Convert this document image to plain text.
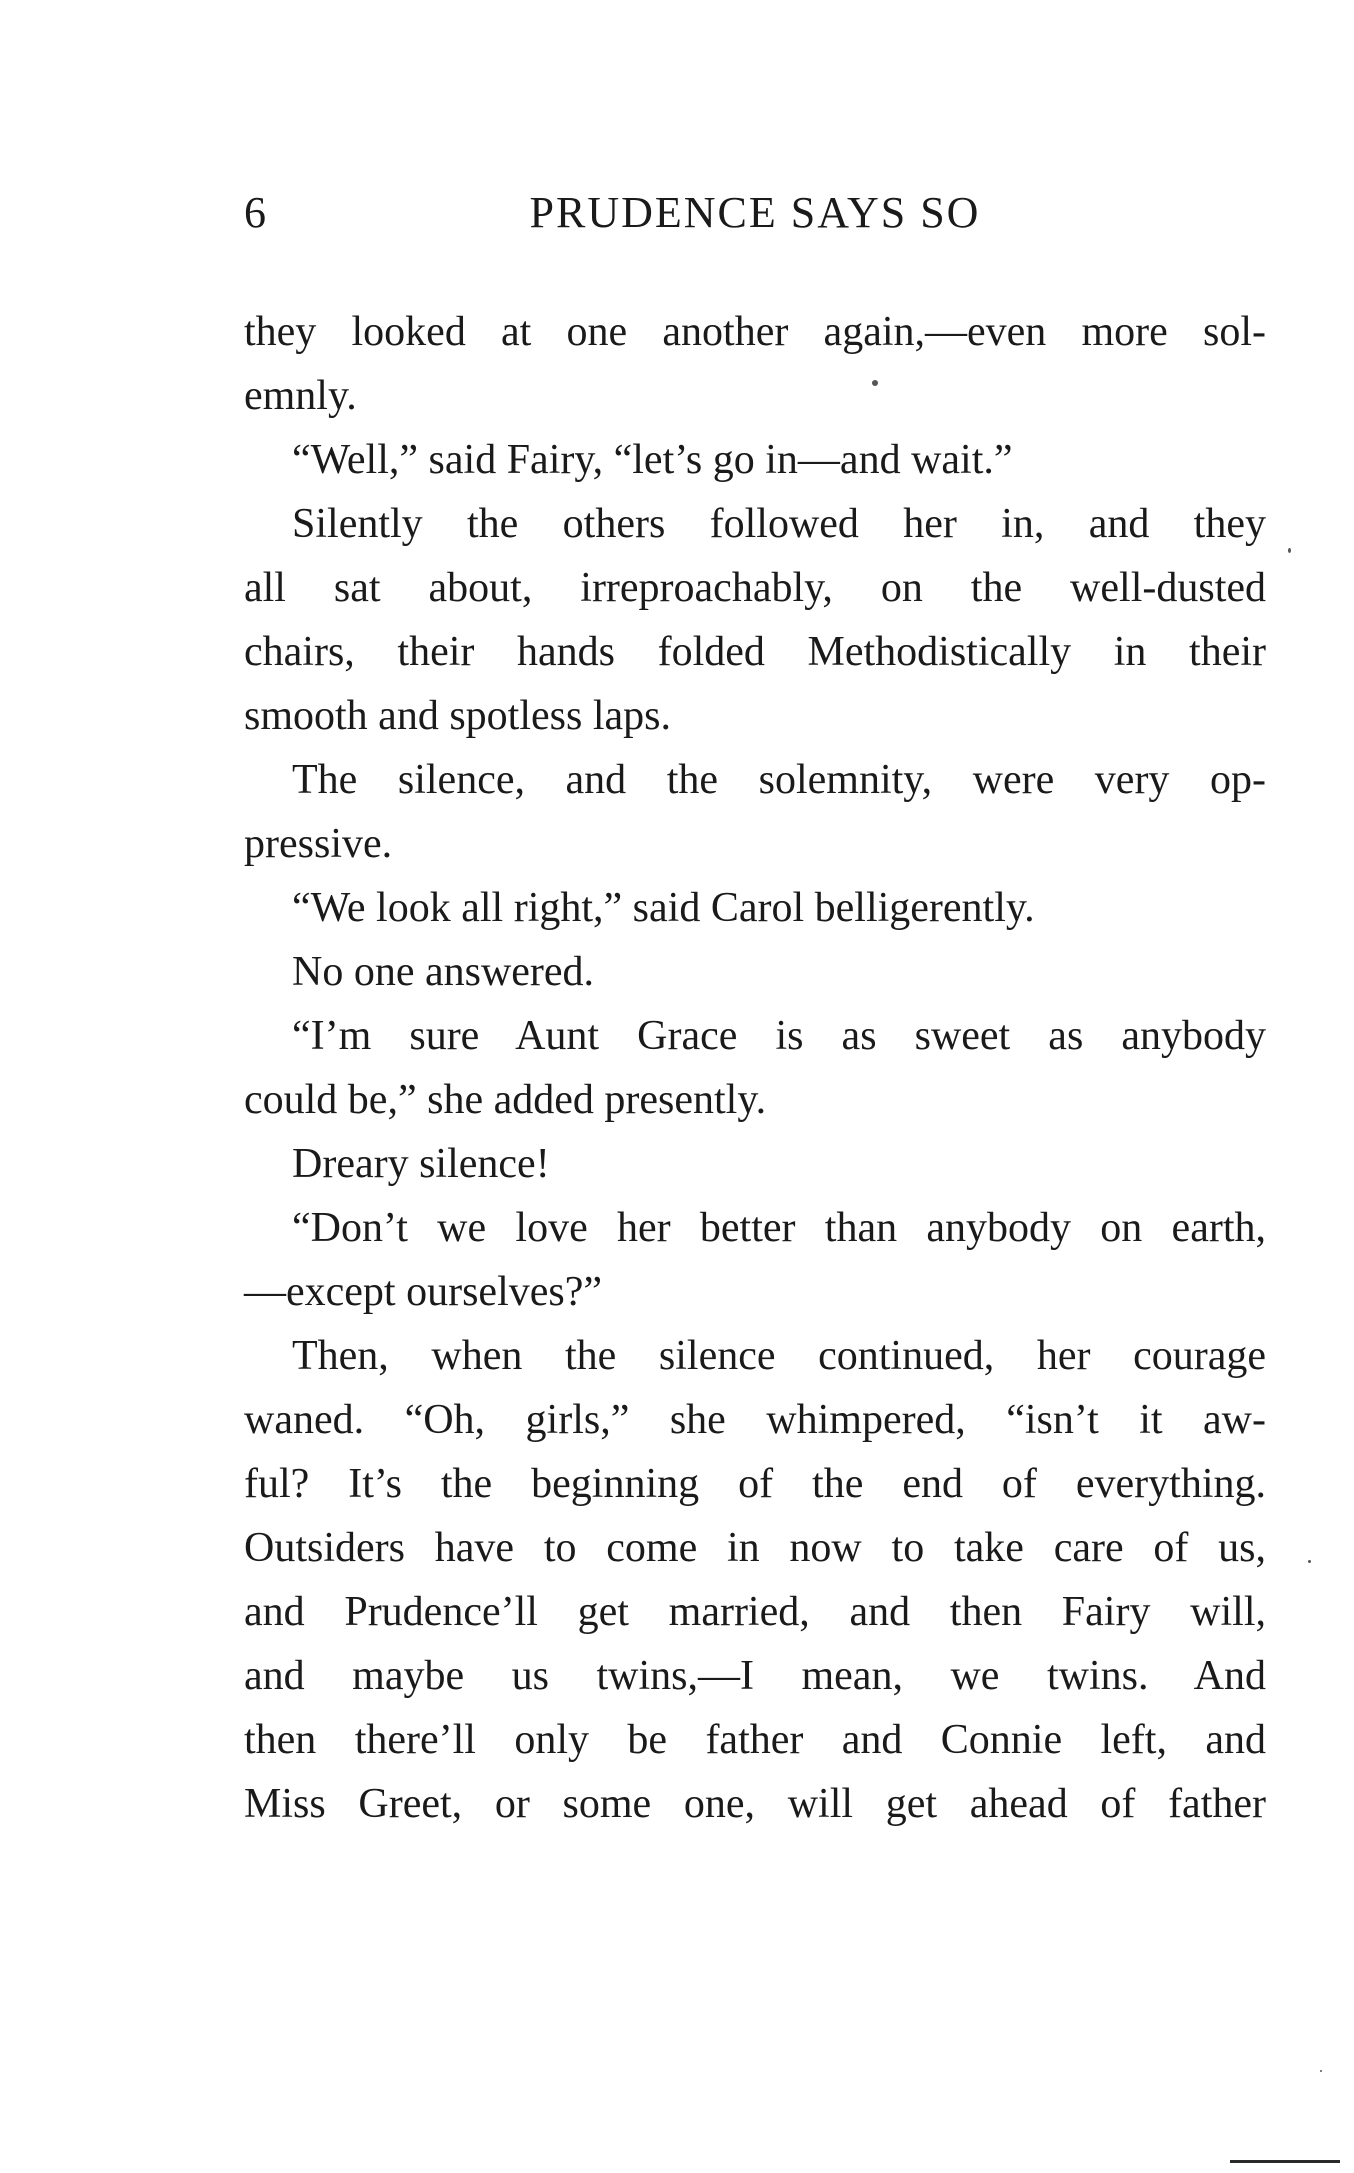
6	PRUDENCE SAYS SO
they looked at one another again,—even more sol-
emnly.
“Well,” said Fairy, “let’s go in—and wait.”
Silently the others followed her in, and they
all sat about, irreproachably, on the well-dusted
chairs, their hands folded Methodistically in their
smooth and spotless laps.
The silence, and the solemnity, were very op-
pressive.
“We look all right,” said Carol belligerently.
No one answered.
“I’m sure Aunt Grace is as sweet as anybody
could be,” she added presently.
Dreary silence!
“Don’t we love her better than anybody on earth,
—except ourselves?”
Then, when the silence continued, her courage
waned. “Oh, girls,” she whimpered, “isn’t it aw-
ful? It’s the beginning of the end of everything.
Outsiders have to come in now to take care of us,
and Prudence’ll get married, and then Fairy will,
and maybe us twins,—I mean, we twins. And
then there’ll only be father and Connie left, and
Miss Greet, or some one, will get ahead of father
